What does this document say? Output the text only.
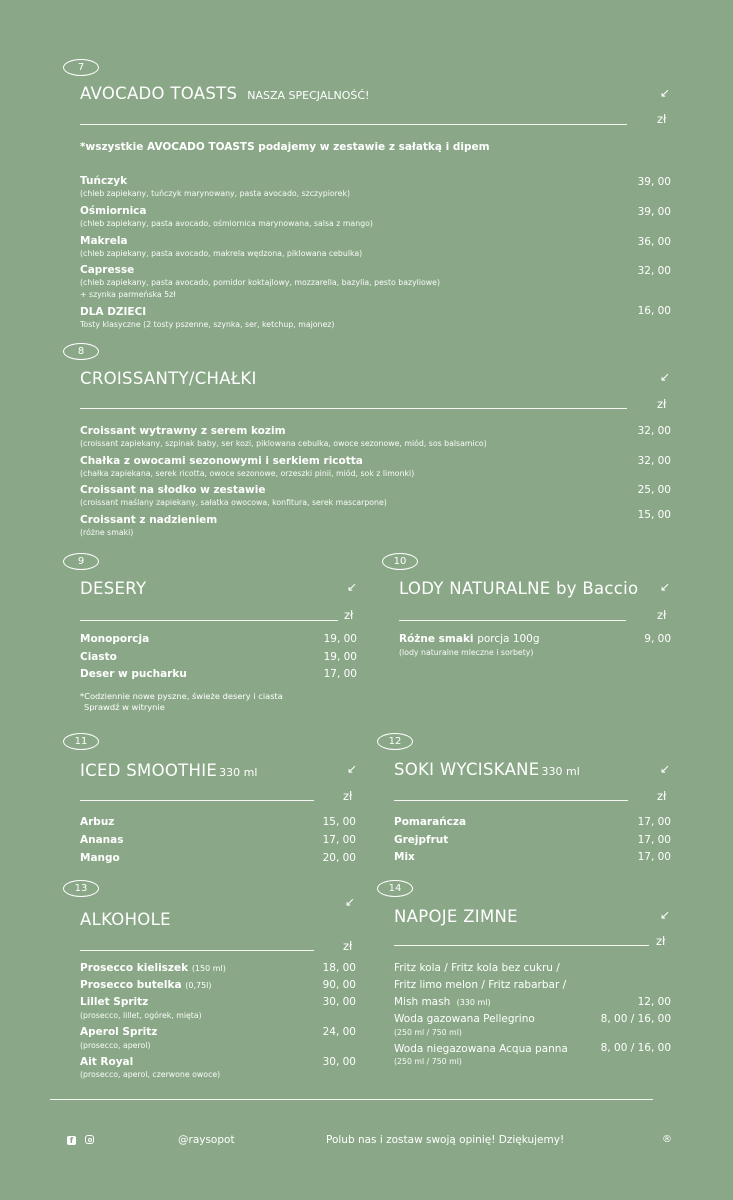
7
AVOCADO TOASTS NASZA SPECJALNOŚĆ!	↙
zł
*wszystkie AVOCADO TOASTS podajemy w zestawie z sałatką i dipem
Tuńczyk
(chleb zapiekany, tuńczyk marynowany, pasta avocado, szczypiorek)
39, 00
Ośmiornica
(chleb zapiekany, pasta avocado, ośmiornica marynowana, salsa z mango)
39, 00
Makrela
(chleb zapiekany, pasta avocado, makrela wędzona, piklowana cebulka)
36, 00
Capresse
(chleb zapiekany, pasta avocado, pomidor koktajlowy, mozzarella, bazylia, pesto bazyliowe)
+ szynka parmeńska 5zł
32, 00
DLA DZIECI
Tosty klasyczne (2 tosty pszenne, szynka, ser, ketchup, majonez)
16, 00
8
CROISSANTY/CHAŁKI	↙
zł
Croissant wytrawny z serem kozim
(croissant zapiekany, szpinak baby, ser kozi, piklowana cebulka, owoce sezonowe, miód, sos balsamico)
32, 00
Chałka z owocami sezonowymi i serkiem ricotta
(chałka zapiekana, serek ricotta, owoce sezonowe, orzeszki pinii, miód, sok z limonki)
32, 00
Croissant na słodko w zestawie
(croissant maślany zapiekany, sałatka owocowa, konfitura, serek mascarpone)
25, 00
Croissant z nadzieniem
(różne smaki)
15, 00
9
DESERY	↙
zł
Monoporcja	19, 00
Ciasto	19, 00
Deser w pucharku	17, 00
*Codziennie nowe pyszne, świeże desery i ciasta
Sprawdź w witrynie
10
LODY NATURALNE by Baccio ↙
zł
Różne smaki porcja 100g
(lody naturalne mleczne i sorbety)
9, 00
11
ICED SMOOTHIE 330 ml	↙
zł
Arbuz	15, 00
Ananas	17, 00
Mango	20, 00
12
SOKI WYCISKANE 330 ml	↙
zł
Pomarańcza	17, 00
Grejpfrut	17, 00
Mix	17, 00
13
ALKOHOLE
↙
zł
Prosecco kieliszek (150 ml)	18, 00
Prosecco butelka (0,75l)	90, 00
Lillet Spritz
(prosecco, lillet, ogórek, mięta)
30, 00
Aperol Spritz
(prosecco, aperol)
24, 00
Ait Royal
(prosecco, aperol, czerwone owoce)
30, 00
14
NAPOJE ZIMNE	↙
zł
Fritz kola / Fritz kola bez cukru /
Fritz limo melon / Fritz rabarbar /
Mish mash (330 ml)	12, 00
Woda gazowana Pellegrino
(250 ml / 750 ml)
8, 00 / 16, 00
Woda niegazowana Acqua panna
(250 ml / 750 ml)
8, 00 / 16, 00
f	@raysopot	Polub nas i zostaw swoją opinię! Dziękujemy!	®
